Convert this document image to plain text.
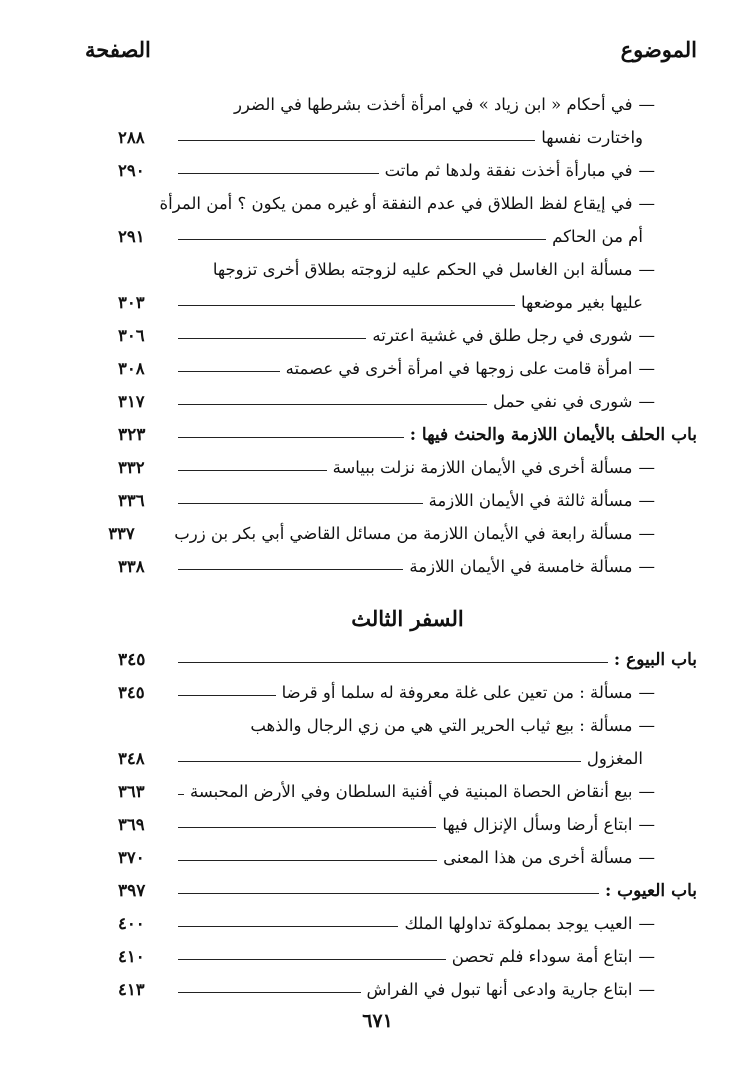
الموضوع
الصفحة
—
في أحكام « ابن زياد » في امرأة أخذت بشرطها في الضرر
واختارت نفسها
٢٨٨
—
في مبارأة أخذت نفقة ولدها ثم ماتت
٢٩٠
—
في إيقاع لفظ الطلاق في عدم النفقة أو غيره ممن يكون ؟ أمن المرأة
أم من الحاكم
٢٩١
—
مسألة ابن الغاسل في الحكم عليه لزوجته بطلاق أخرى تزوجها
عليها بغير موضعها
٣٠٣
—
شورى في رجل طلق في غشية اعترته
٣٠٦
—
امرأة قامت على زوجها في امرأة أخرى في عصمته
٣٠٨
—
شورى في نفي حمل
٣١٧
باب الحلف بالأيمان اللازمة والحنث فيها :
٣٢٣
—
مسألة أخرى في الأيمان اللازمة نزلت ببياسة
٣٣٢
—
مسألة ثالثة في الأيمان اللازمة
٣٣٦
—
مسألة رابعة في الأيمان اللازمة من مسائل القاضي أبي بكر بن زرب
٣٣٧
—
مسألة خامسة في الأيمان اللازمة
٣٣٨
السفر الثالث
باب البيوع :
٣٤٥
—
مسألة : من تعين على غلة معروفة له سلما أو قرضا
٣٤٥
—
مسألة : بيع ثياب الحرير التي هي من زي الرجال والذهب
المغزول
٣٤٨
—
بيع أنقاض الحصاة المبنية في أفنية السلطان وفي الأرض المحبسة
٣٦٣
—
ابتاع أرضا وسأل الإنزال فيها
٣٦٩
—
مسألة أخرى من هذا المعنى
٣٧٠
باب العيوب :
٣٩٧
—
العيب يوجد بمملوكة تداولها الملك
٤٠٠
—
ابتاع أمة سوداء فلم تحصن
٤١٠
—
ابتاع جارية وادعى أنها تبول في الفراش
٤١٣
٦٧١
